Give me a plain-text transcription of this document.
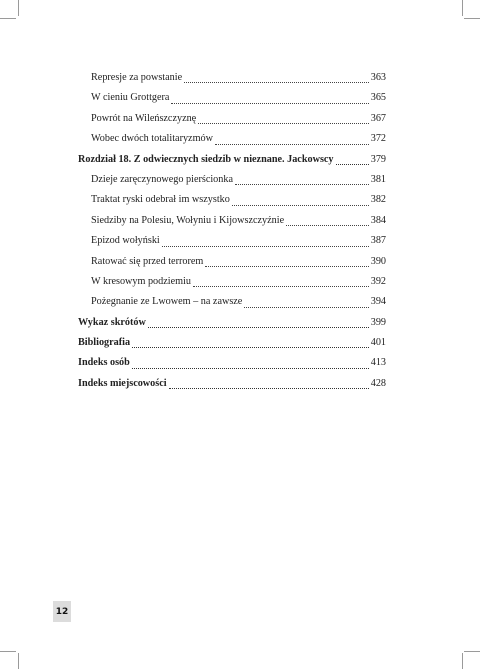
Represje za powstanie	363
W cieniu Grottgera	365
Powrót na Wileńszczyznę	367
Wobec dwóch totalitaryzmów	372
Rozdział 18. Z odwiecznych siedzib w nieznane. Jackowscy	379
Dzieje zaręczynowego pierścionka	381
Traktat ryski odebrał im wszystko	382
Siedziby na Polesiu, Wołyniu i Kijowszczyźnie	384
Epizod wołyński	387
Ratować się przed terrorem	390
W kresowym podziemiu	392
Pożegnanie ze Lwowem – na zawsze	394
Wykaz skrótów	399
Bibliografia	401
Indeks osób	413
Indeks miejscowości	428
12
